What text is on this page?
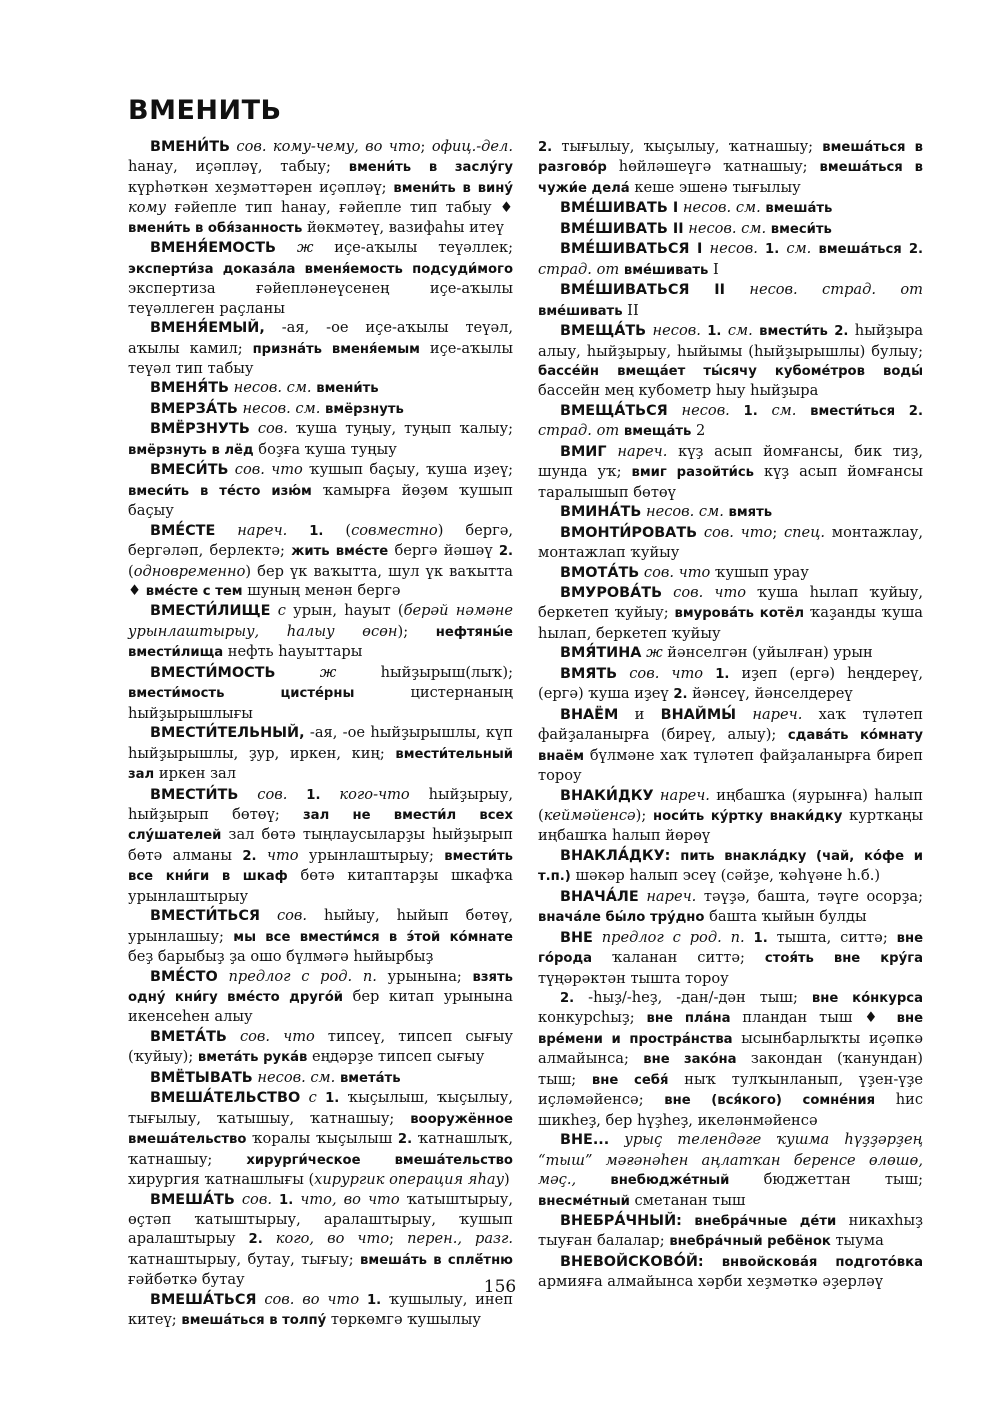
ВМЕНИТЬ

ВМЕНИ́ТЬ сов. кому-чему, во что; офиц.-дел. һанау, иҫәпләү, табыу; вмени́ть в заслу́гу күрһәткән хеҙмәттәрен иҫәпләү; вмени́ть в вину́ кому ғәйепле тип һанау, ғәйепле тип табыу ♦ вмени́ть в обя́занность йөкмәтеү, вазифаһы итеү

ВМЕНЯ́ЕМОСТЬ ж иҫе-аҡылы теүәллек; эксперти́за доказа́ла вменя́емость подсуди́мого экспертиза ғәйепләнеүсенең иҫе-аҡылы теүәллеген раҫланы

ВМЕНЯ́ЕМЫЙ, -ая, -ое иҫе-аҡылы теүәл, аҡылы камил; призна́ть вменя́емым иҫе-аҡылы теүәл тип табыу

ВМЕНЯ́ТЬ несов. см. вмени́ть

ВМЕРЗА́ТЬ несов. см. вмёрзнуть

ВМЁРЗНУТЬ сов. ҡуша туңыу, туңып ҡалыу; вмёрзнуть в лёд боҙға ҡуша туңыу

ВМЕСИ́ТЬ сов. что ҡушып баҫыу, ҡуша иҙеү; вмеси́ть в те́сто изю́м ҡамырға йөҙөм ҡушып баҫыу

ВМЕ́СТЕ нареч. 1. (совместно) бергә, бергәләп, берлектә; жить вме́сте бергә йәшәү 2. (одновременно) бер үк ваҡытта, шул үк ваҡытта ♦ вме́сте с тем шуның менән бергә

ВМЕСТИ́ЛИЩЕ с урын, һауыт (берәй нәмәне урынлаштырыу, һалыу өсөн); нефтяны́е вмести́лища нефть һауыттары

ВМЕСТИ́МОСТЬ	ж һыйҙырыш(лыҡ); вмести́мость цисте́рны цистернаның һыйҙырышлығы

ВМЕСТИ́ТЕЛЬНЫЙ, -ая, -ое һыйҙырышлы, күп һыйҙырышлы, ҙур, иркен, киң; вмести́тельный зал иркен зал

ВМЕСТИ́ТЬ сов. 1. кого-что һыйҙырыу, һыйҙырып бөтөү; зал не вмести́л всех слу́шателей зал бөтә тыңлаусыларҙы һыйҙырып бөтә алманы 2. что урынлаштырыу; вмести́ть все кни́ги в шкаф бөтә китаптарҙы шкафҡа урынлаштырыу

ВМЕСТИ́ТЬСЯ сов. һыйыу, һыйып бөтөү, урынлашыу; мы все вмести́мся в э́той ко́мнате беҙ барыбыҙ ҙа ошо бүлмәгә һыйырбыҙ

ВМЕ́СТО предлог с род. п. урынына; взять одну́ кни́гу вме́сто друго́й бер китап урынына икенсеһен алыу

ВМЕТА́ТЬ сов. что типсеү, типсеп сығыу (ҡуйыу); вмета́ть рука́в еңдәрҙе типсеп сығыу

ВМЁТЫВАТЬ несов. см. вмета́ть

ВМЕША́ТЕЛЬСТВО с 1. ҡыҫылыш, ҡыҫылыу, тығылыу, ҡатышыу, ҡатнашыу; вооружённое вмеша́тельство ҡоралы ҡыҫылыш 2. ҡатнашлыҡ, ҡатнашыу; хирурги́ческое вмеша́тельство хирургия ҡатнашлығы (хирургик операция яһау)

ВМЕША́ТЬ сов. 1. что, во что ҡатыштырыу, өҫтәп ҡатыштырыу, аралаштырыу, ҡушып аралаштырыу 2. кого, во что; перен., разг. ҡатнаштырыу, бутау, тығыу; вмеша́ть в сплё́тню ғәйбәткә бутау

ВМЕША́ТЬСЯ сов. во что 1. ҡушылыу, инеп китеү; вмеша́ться в толпу́ төркөмгә ҡушылыу

2. тығылыу, ҡыҫылыу, ҡатнашыу; вмеша́ться в разгово́р һөйләшеүгә ҡатнашыу; вмеша́ться в чужи́е дела́ кеше эшенә тығылыу

ВМЕ́ШИВАТЬ I несов. см. вмеша́ть

ВМЕ́ШИВАТЬ II несов. см. вмеси́ть

ВМЕ́ШИВАТЬСЯ I несов. 1. см. вмеша́ться 2. страд. от вме́шивать I

ВМЕ́ШИВАТЬСЯ II несов. страд. от вме́шивать II

ВМЕЩА́ТЬ несов. 1. см. вмести́ть 2. һыйҙыра алыу, һыйҙырыу, һыйымы (һыйҙырышлы) булыу; бассе́йн вмеща́ет ты́сячу кубоме́тров воды́ бассейн мең кубометр һыу һыйҙыра

ВМЕЩА́ТЬСЯ несов. 1. см. вмести́ться 2. страд. от вмеща́ть 2

ВМИГ нареч. күҙ асып йомғансы, бик тиҙ, шунда уҡ; вмиг разойти́сь күҙ асып йомғансы таралышып бөтөү

ВМИНА́ТЬ несов. см. вмять

ВМОНТИ́РОВАТЬ сов. что; спец. монтажлау, монтажлап ҡуйыу

ВМОТА́ТЬ сов. что ҡушып урау

ВМУРОВА́ТЬ сов. что ҡуша һылап ҡуйыу, беркетеп ҡуйыу; вмурова́ть котёл ҡаҙанды ҡуша һылап, беркетеп ҡуйыу

ВМЯ́ТИНА ж йәнселгән (уйылған) урын

ВМЯТЬ сов. что 1. иҙеп (ергә) һеңдереү, (ергә) ҡуша иҙеү 2. йәнсеү, йәнселдереү

ВНАЁМ и ВНАЙМЫ́ нареч. хаҡ түләтеп файҙаланырға (биреү, алыу); сдава́ть ко́мнату внаём бүлмәне хаҡ түләтеп файҙаланырға биреп тороу

ВНАКИ́ДКУ нареч. иңбашҡа (яурынға) һалып (кеймәйенсә); носи́ть ку́ртку внаки́дку курткаңы иңбашҡа һалып йөрөү

ВНАКЛА́ДКУ: пить внакла́дку (чай, ко́фе и т.п.) шәкәр һалып эсеү (сәйҙе, ҡәһүәне һ.б.)

ВНАЧА́ЛЕ нареч. тәүҙә, башта, тәүге осорҙа; внача́ле бы́ло тру́дно башта ҡыйын булды

ВНЕ предлог с род. п. 1. тыштa, ситтә; вне го́рода ҡаланан ситтә; стоя́ть вне кру́га түңәрәктән тышта тороу

2. -һыҙ/-һеҙ, -дан/-дән тыш; вне ко́нкурса конкурсһыҙ; вне пла́на пландан тыш ♦ вне вре́мени и простра́нства ысынбарлыҡты иҫәпкә алмайынса; вне зако́на закондан (ҡанундан) тыш; вне себя́ ныҡ тулҡынланып, үҙен-үҙе иҫләмәйенсә; вне (вся́кого) сомне́ния һис шикһеҙ, бер һүҙһеҙ, икеләнмәйенсә

ВНЕ... урыҫ телендәге ҡушма һүҙҙәрҙең “тыш” мәғәнәһен аңлатҡан беренсе өлөшө, мәҫ.,	внебюдже́тный бюджеттан тыш; внесме́тный сметанан тыш

ВНЕБРА́ЧНЫЙ: внебра́чные де́ти никахһыҙ тыуған балалар; внебра́чный ребёнок тыума

ВНЕВОЙСКОВО́Й: внвойскова́я подгото́вка армияға алмайынса хәрби хеҙмәткә әҙерләү

156
